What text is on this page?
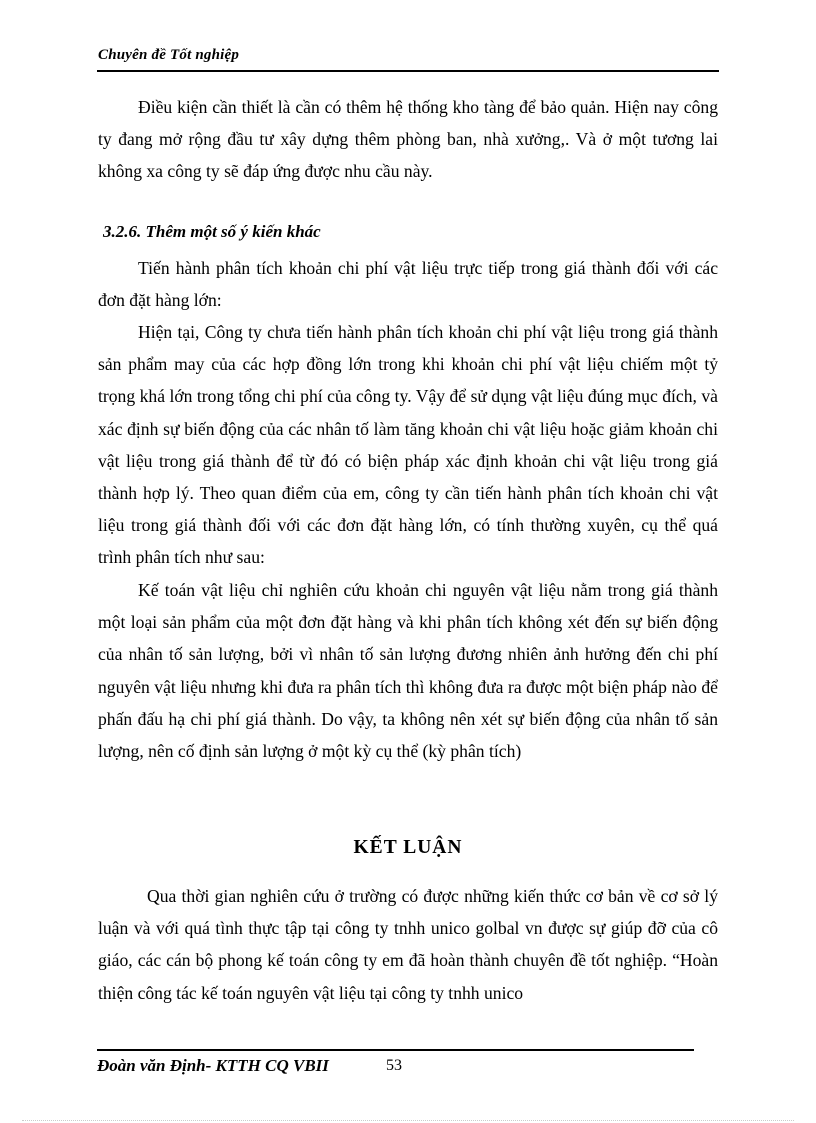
Chuyên đề Tốt nghiệp

Điều kiện cần thiết là cần có thêm hệ thống kho tàng để bảo quản. Hiện nay công ty đang mở rộng đầu tư xây dựng thêm phòng ban, nhà xưởng,. Và ở một tương lai không xa công ty sẽ đáp ứng được nhu cầu này.

3.2.6. Thêm một số ý kiến khác

Tiến hành phân tích khoản chi phí vật liệu trực tiếp trong giá thành đối với các đơn đặt hàng lớn:

Hiện tại, Công ty chưa tiến hành phân tích khoản chi phí vật liệu trong giá thành sản phẩm may của các hợp đồng lớn trong khi khoản chi phí vật liệu chiếm một tỷ trọng khá lớn trong tổng chi phí của công ty. Vậy để sử dụng vật liệu đúng mục đích, và xác định sự biến động của các nhân tố làm tăng khoản chi vật liệu hoặc giảm khoản chi vật liệu trong giá thành để từ đó có biện pháp xác định khoản chi vật liệu trong giá thành hợp lý. Theo quan điểm của em, công ty cần tiến hành phân tích khoản chi vật liệu trong giá thành đối với các đơn đặt hàng lớn, có tính thường xuyên, cụ thể quá trình phân tích như sau:

Kế toán vật liệu chỉ nghiên cứu khoản chi nguyên vật liệu nằm trong giá thành một loại sản phẩm của một đơn đặt hàng và khi phân tích không xét đến sự biến động của nhân tố sản lượng, bởi vì nhân tố sản lượng đương nhiên ảnh hưởng đến chi phí nguyên vật liệu nhưng khi đưa ra phân tích thì không đưa ra được một biện pháp nào để phấn đấu hạ chi phí giá thành. Do vậy, ta không nên xét sự biến động của nhân tố sản lượng, nên cố định sản lượng ở một kỳ cụ thể (kỳ phân tích)

KẾT LUẬN

Qua thời gian nghiên cứu ở trường có được những kiến thức cơ bản về cơ sở lý luận và với quá tình thực tập tại công ty tnhh unico golbal vn được sự giúp đỡ của cô giáo, các cán bộ phong kế toán công ty em đã hoàn thành chuyên đề tốt nghiệp. “Hoàn thiện công tác kế toán nguyên vật liệu tại công ty tnhh unico

Đoàn văn Định- KTTH CQ VBII	53
